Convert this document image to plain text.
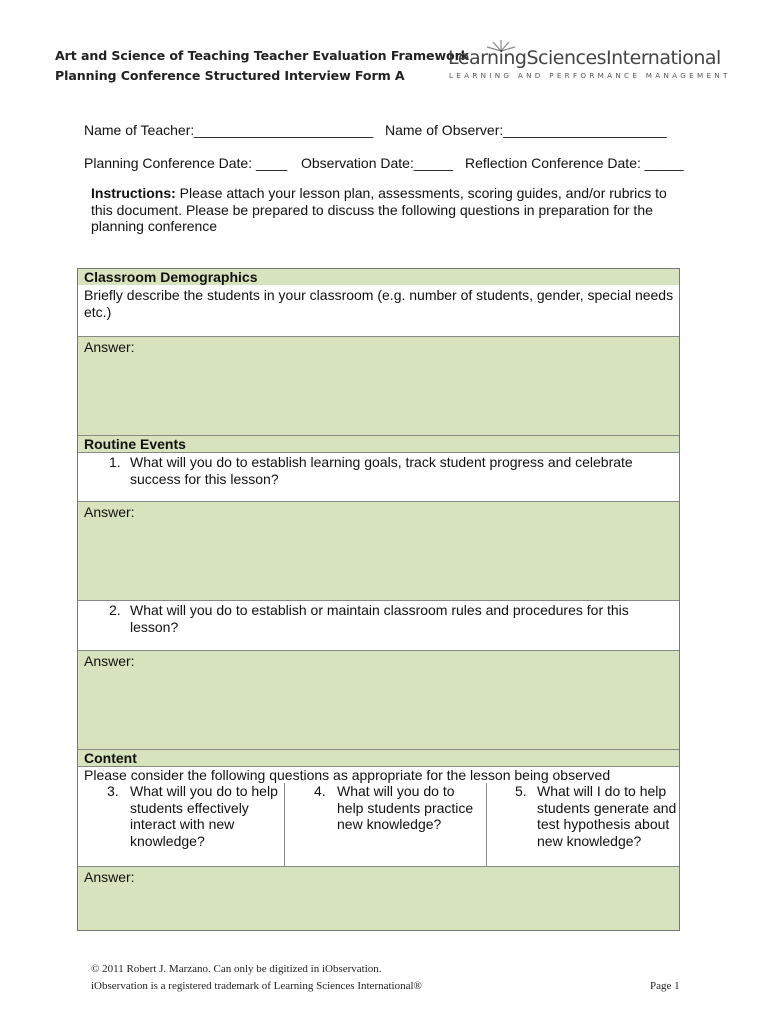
Art and Science of Teaching Teacher Evaluation Framework
Planning Conference Structured Interview Form A
LearningSciencesInternational
LEARNING AND PERFORMANCE MANAGEMENT
Name of Teacher:_______________________ Name of Observer:_____________________
Planning Conference Date: ____ Observation Date:_____ Reflection Conference Date: _____
Instructions: Please attach your lesson plan, assessments, scoring guides, and/or rubrics to this document. Please be prepared to discuss the following questions in preparation for the planning conference
Classroom Demographics
Briefly describe the students in your classroom (e.g. number of students, gender, special needs etc.)
Answer:
Routine Events
1. What will you do to establish learning goals, track student progress and celebrate success for this lesson?
Answer:
2. What will you do to establish or maintain classroom rules and procedures for this lesson?
Answer:
Content
Please consider the following questions as appropriate for the lesson being observed
3. What will you do to help students effectively interact with new knowledge?
4. What will you do to help students practice new knowledge?
5. What will I do to help students generate and test hypothesis about new knowledge?
Answer:
© 2011 Robert J. Marzano. Can only be digitized in iObservation.
iObservation is a registered trademark of Learning Sciences International®	Page 1
